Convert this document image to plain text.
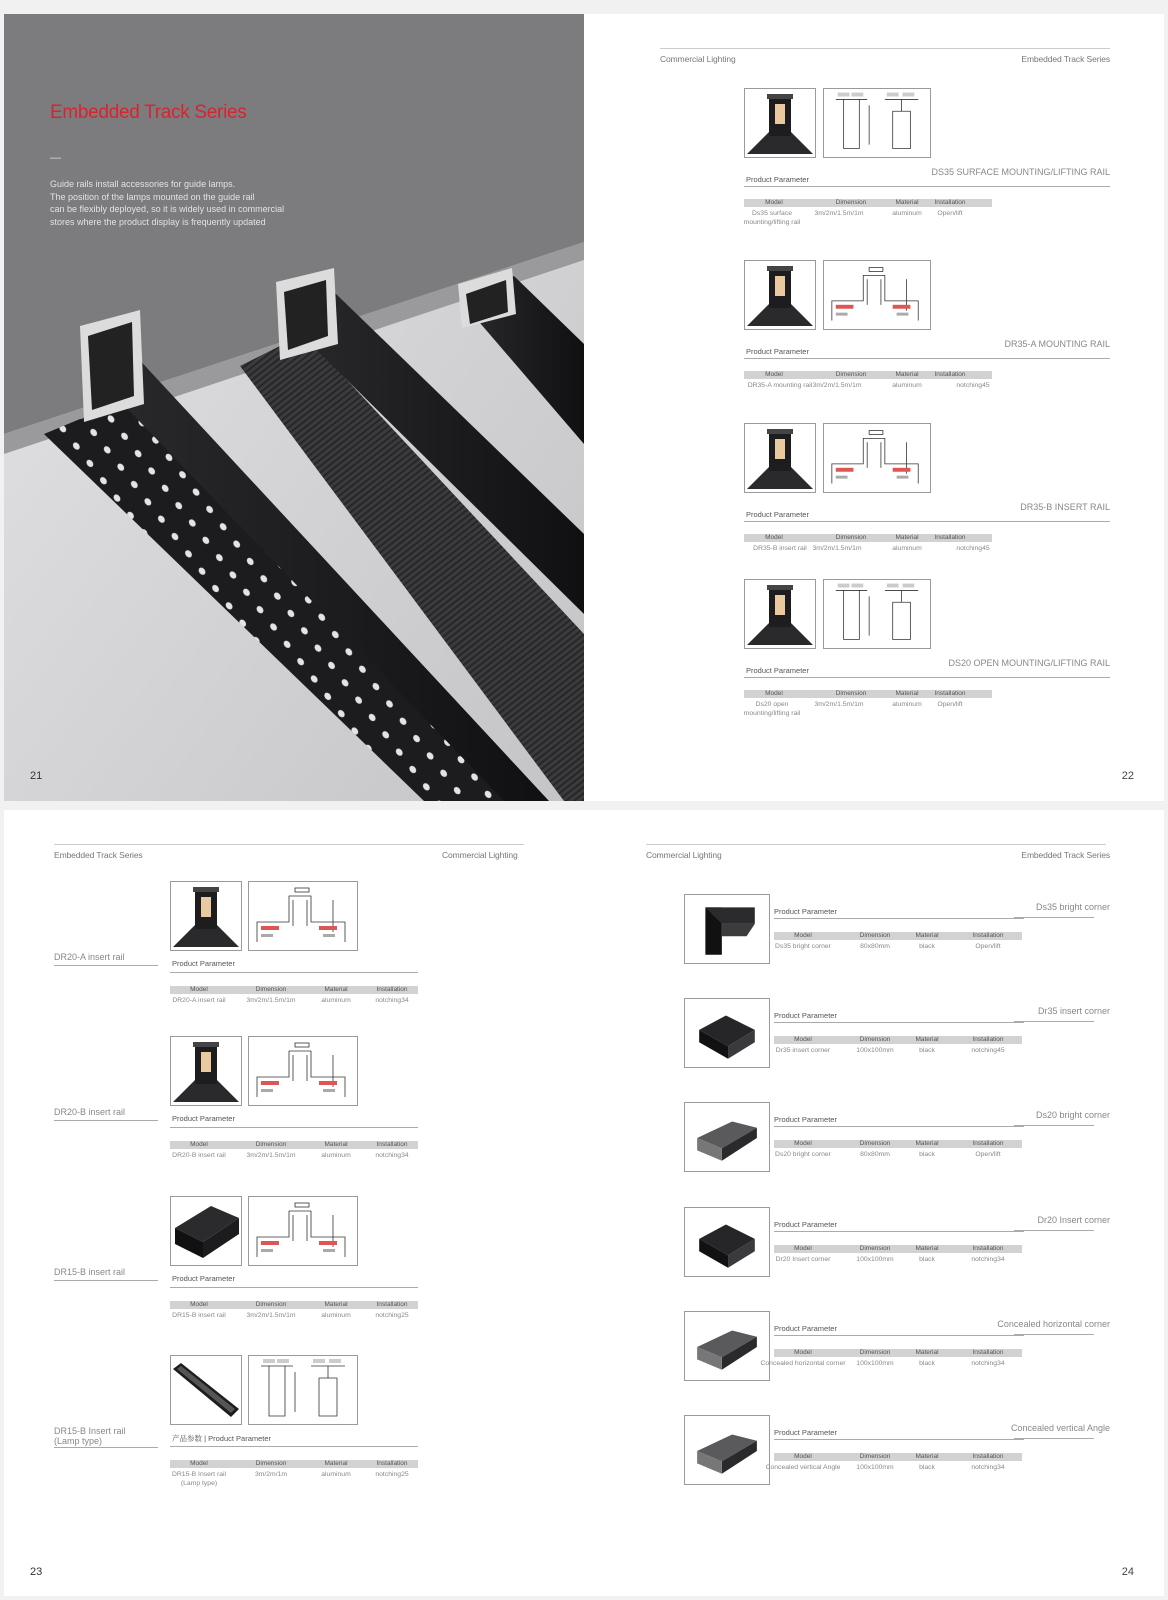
Embedded Track Series
—
Guide rails install accessories for guide lamps.
The position of the lamps mounted on the guide rail
can be flexibly deployed, so it is widely used in commercial
stores where the product display is frequently updated
21
Commercial Lighting	Embedded Track Series
22
DS35 SURFACE MOUNTING/LIFTING RAIL
Product Parameter
Model	Dimension	Material Installation
Ds35 surface	3m/2m/1.5m/1m	aluminum Open/lift
mounting/lifting rail
DR35-A MOUNTING RAIL
Product Parameter
Model	Dimension	Material Installation
DR35-A mounting rail 3m/2m/1.5m/1m	aluminum	notching45
DR35-B INSERT RAIL
Product Parameter
Model	Dimension	Material Installation
DR35-B insert rail 3m/2m/1.5m/1m	aluminum	notching45
DS20 OPEN MOUNTING/LIFTING RAIL
Product Parameter
Model	Dimension	Material Installation
Ds20 open	3m/2m/1.5m/1m	aluminum Open/lift
mounting/lifting rail
Embedded Track Series	Commercial Lighting
23
DR20-A insert rail
Product Parameter
Model	Dimension	Material	Installation
DR20-A insert rail	3m/2m/1.5m/1m	aluminum	notching34
DR20-B insert rail
Product Parameter
Model	Dimension	Material	Installation
DR20-B insert rail	3m/2m/1.5m/1m	aluminum	notching34
DR15-B insert rail
Product Parameter
Model	Dimension	Material	Installation
DR15-B insert rail	3m/2m/1.5m/1m	aluminum	notching25
DR15-B Insert rail
(Lamp type)	产品参数 | Product Parameter
Model	Dimension	Material	Installation
DR15-B Insert rail	3m/2m/1m	aluminum	notching25
(Lamp type)
Commercial Lighting	Embedded Track Series
24
Ds35 bright corner
Product Parameter
Model	Dimension	Material	Installation
Ds35 bright corner	80x80mm	black	Open/lift
Dr35 insert corner
Product Parameter
Model	Dimension	Material	Installation
Dr35 insert corner	100x100mm	black	notching45
Ds20 bright corner
Product Parameter
Model	Dimension	Material	Installation
Ds20 bright corner	80x80mm	black	Open/lift
Dr20 Insert corner
Product Parameter
Model	Dimension	Material	Installation
Dr20 Insert corner	100x100mm	black	notching34
Concealed horizontal corner
Product Parameter
Model	Dimension	Material	Installation
Concealed horizontal corner 100x100mm	black	notching34
Concealed vertical Angle
Product Parameter
Model	Dimension	Material	Installation
Concealed vertical Angle 100x100mm	black	notching34
